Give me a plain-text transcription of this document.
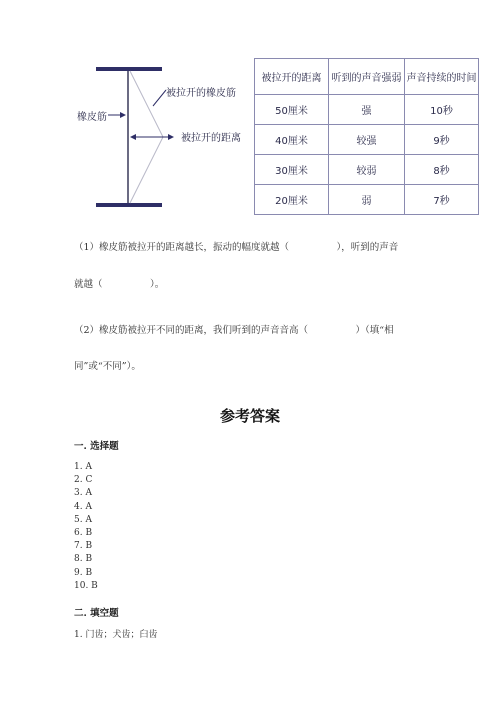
橡皮筋
被拉开的橡皮筋
被拉开的距离
被拉开的距离	听到的声音强弱	声音持续的时间
50厘米	强	10秒
40厘米	较强	9秒
30厘米	较弱	8秒
20厘米	弱	7秒
（1）橡皮筋被拉开的距离越长，振动的幅度就越（　　　　　），听到的声音
就越（　　　　　）。
（2）橡皮筋被拉开不同的距离，我们听到的声音音高（　　　　　）（填“相
同”或“不同”）。
参考答案
一. 选择题
1. A
2. C
3. A
4. A
5. A
6. B
7. B
8. B
9. B
10. B
二. 填空题
1. 门齿；犬齿；臼齿
